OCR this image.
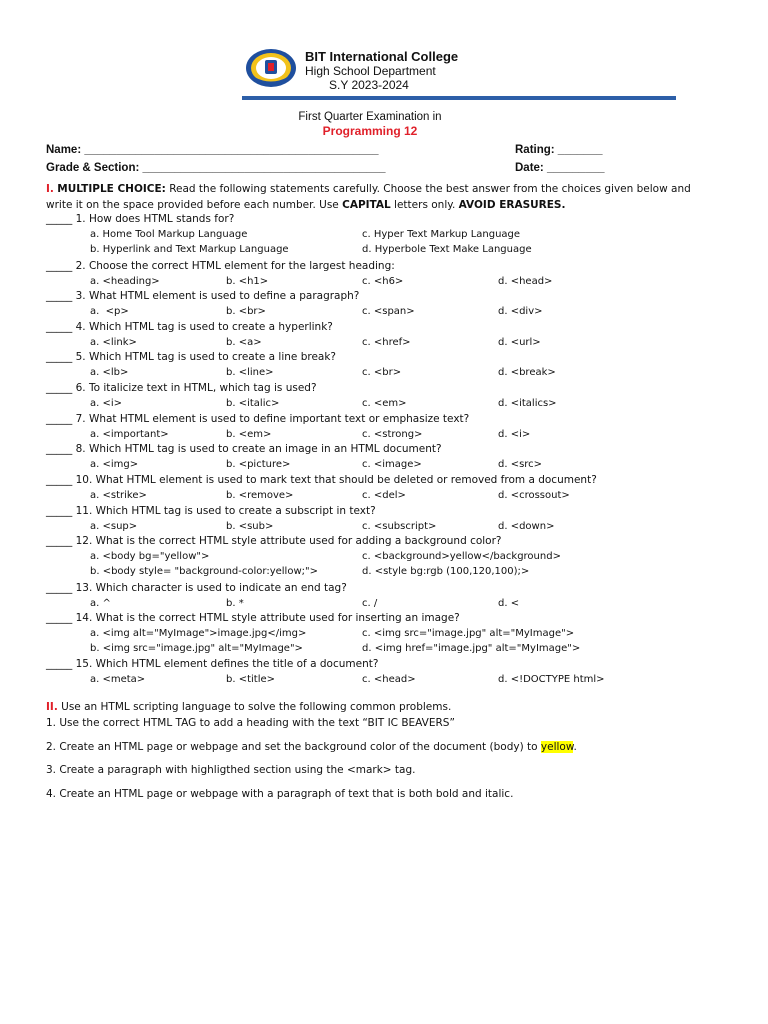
BIT International College
High School Department
S.Y 2023-2024
First Quarter Examination in
Programming 12
Name: ______________________________________________	Rating: _______
Grade & Section: ______________________________________	Date: _________
I. MULTIPLE CHOICE: Read the following statements carefully. Choose the best answer from the choices given below and write it on the space provided before each number. Use CAPITAL letters only. AVOID ERASURES.
_____ 1. How does HTML stands for?
a. Home Tool Markup Language	c. Hyper Text Markup Language
b. Hyperlink and Text Markup Language	d. Hyperbole Text Make Language
_____ 2. Choose the correct HTML element for the largest heading:
a. <heading>	b. <h1>	c. <h6>	d. <head>
_____ 3. What HTML element is used to define a paragraph?
a.  <p>	b. <br>	c. <span>	d. <div>
_____ 4. Which HTML tag is used to create a hyperlink?
a. <link>	b. <a>	c. <href>	d. <url>
_____ 5. Which HTML tag is used to create a line break?
a. <lb>	b. <line>	c. <br>	d. <break>
_____ 6. To italicize text in HTML, which tag is used?
a. <i>	b. <italic>	c. <em>	d. <italics>
_____ 7. What HTML element is used to define important text or emphasize text?
a. <important>	b. <em>	c. <strong>	d. <i>
_____ 8. Which HTML tag is used to create an image in an HTML document?
a. <img>	b. <picture>	c. <image>	d. <src>
_____ 10. What HTML element is used to mark text that should be deleted or removed from a document?
a. <strike>	b. <remove>	c. <del>	d. <crossout>
_____ 11. Which HTML tag is used to create a subscript in text?
a. <sup>	b. <sub>	c. <subscript>	d. <down>
_____ 12. What is the correct HTML style attribute used for adding a background color?
a. <body bg="yellow">	c. <background>yellow</background>
b. <body style= "background-color:yellow;">	d. <style bg:rgb (100,120,100);>
_____ 13. Which character is used to indicate an end tag?
a. ^	b. *	c. /	d. <
_____ 14. What is the correct HTML style attribute used for inserting an image?
a. <img alt="MyImage">image.jpg</img>	c. <img src="image.jpg" alt="MyImage">
b. <img src="image.jpg" alt="MyImage">	d. <img href="image.jpg" alt="MyImage">
_____ 15. Which HTML element defines the title of a document?
a. <meta>	b. <title>	c. <head>	d. <!DOCTYPE html>
II. Use an HTML scripting language to solve the following common problems.
1. Use the correct HTML TAG to add a heading with the text “BIT IC BEAVERS”
2. Create an HTML page or webpage and set the background color of the document (body) to yellow.
3. Create a paragraph with highligthed section using the <mark> tag.
4. Create an HTML page or webpage with a paragraph of text that is both bold and italic.
